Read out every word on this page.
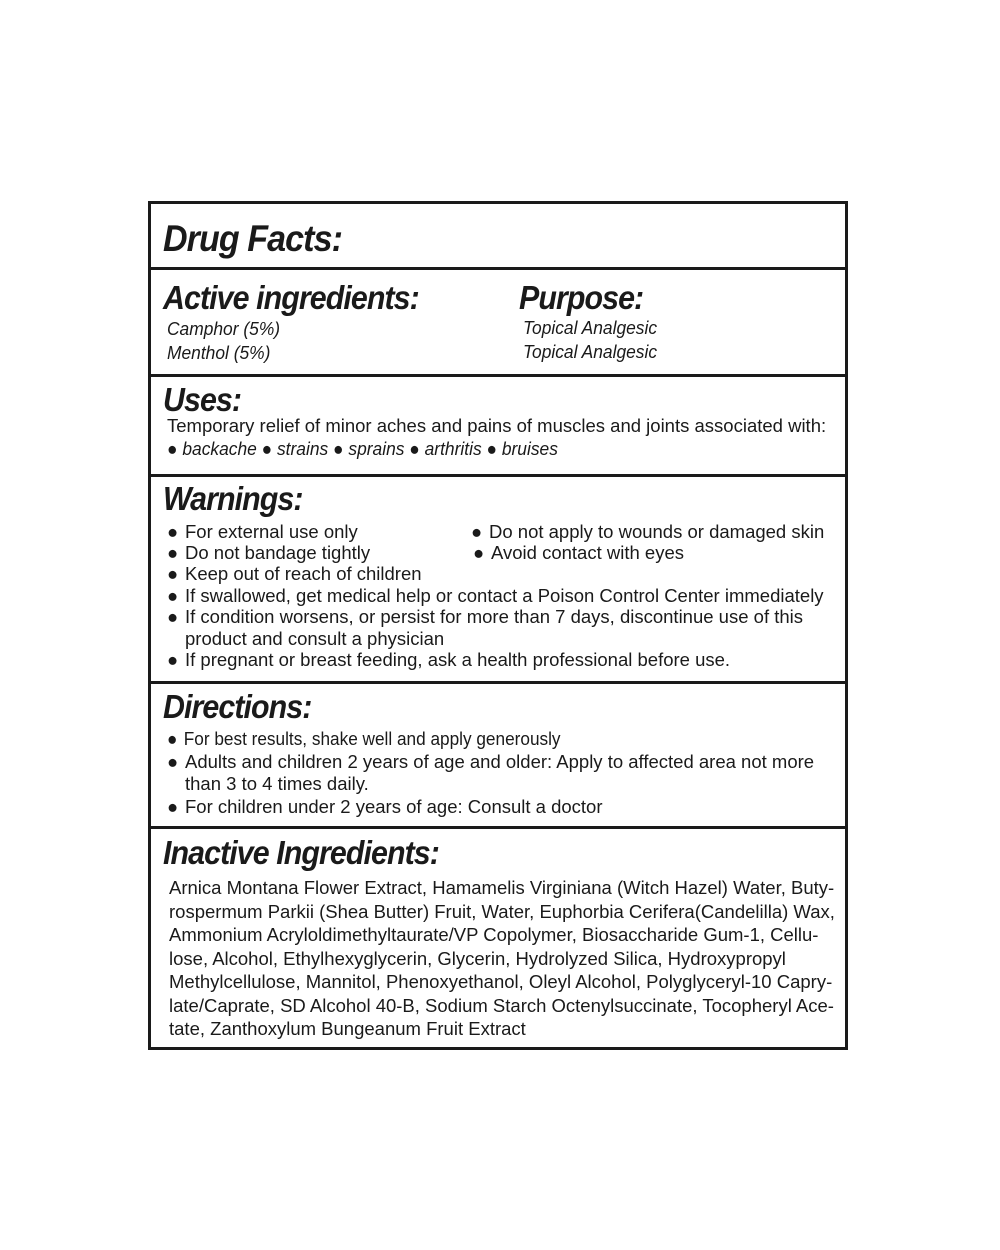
Drug Facts:
Active ingredients:
Camphor (5%)
Menthol (5%)
Purpose:
Topical Analgesic
Topical Analgesic
Uses:
Temporary relief of minor aches and pains of muscles and joints associated with:
● backache ● strains ● sprains ● arthritis ● bruises
Warnings:
● For external use only
● Do not bandage tightly
● Do not apply to wounds or damaged skin
● Avoid contact with eyes
● Keep out of reach of children
● If swallowed, get medical help or contact a Poison Control Center immediately
● If condition worsens, or persist for more than 7 days, discontinue use of this
product and consult a physician
● If pregnant or breast feeding, ask a health professional before use.
Directions:
● For best results, shake well and apply generously
● Adults and children 2 years of age and older: Apply to affected area not more
than 3 to 4 times daily.
● For children under 2 years of age: Consult a doctor
Inactive Ingredients:
Arnica Montana Flower Extract, Hamamelis Virginiana (Witch Hazel) Water, Buty-
rospermum Parkii (Shea Butter) Fruit, Water, Euphorbia Cerifera(Candelilla) Wax,
Ammonium Acryloldimethyltaurate/VP Copolymer, Biosaccharide Gum-1, Cellu-
lose, Alcohol, Ethylhexyglycerin, Glycerin, Hydrolyzed Silica, Hydroxypropyl
Methylcellulose, Mannitol, Phenoxyethanol, Oleyl Alcohol, Polyglyceryl-10 Capry-
late/Caprate, SD Alcohol 40-B, Sodium Starch Octenylsuccinate, Tocopheryl Ace-
tate, Zanthoxylum Bungeanum Fruit Extract
